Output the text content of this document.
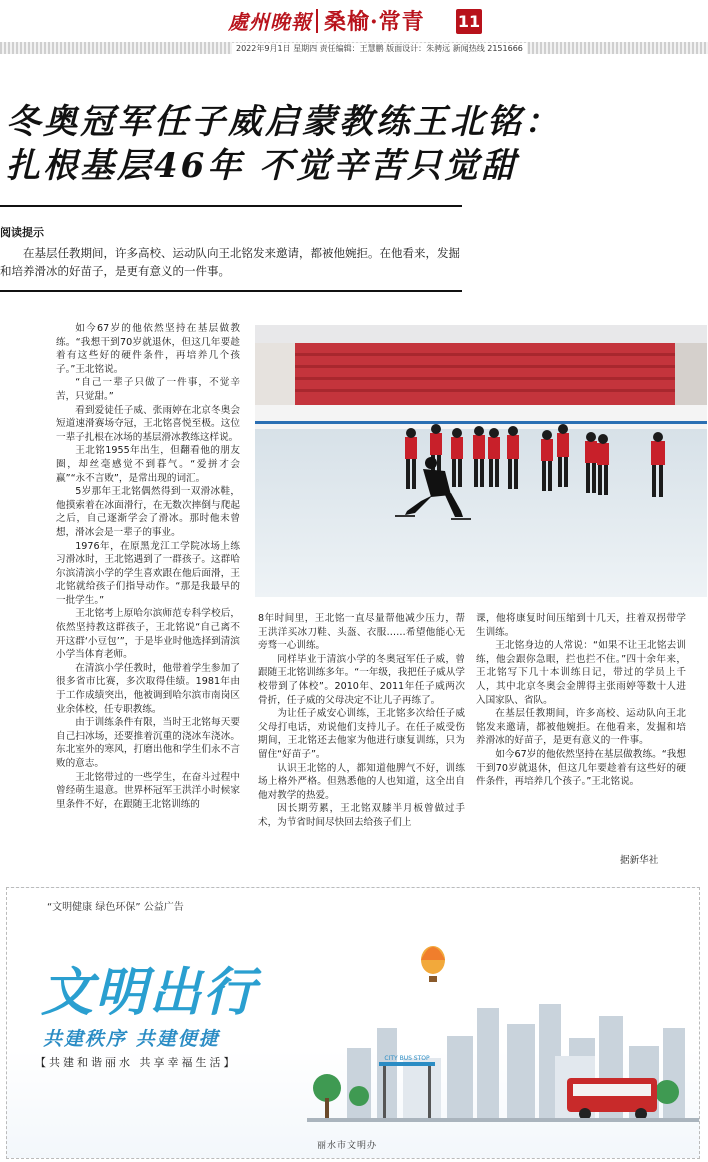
處州晚報 桑榆·常青 11
2022年9月1日 星期四 责任编辑：王慧鹏 版面设计：朱骋远 新闻热线 2151666
冬奥冠军任子威启蒙教练王北铭：
扎根基层46年 不觉辛苦只觉甜
阅读提示
在基层任教期间，许多高校、运动队向王北铭发来邀请，都被他婉拒。在他看来，发掘和培养滑冰的好苗子，是更有意义的一件事。

如今67岁的他依然坚持在基层做教练。“我想干到70岁就退休，但这几年要趁着有这些好的硬件条件，再培养几个孩子。”王北铭说。

“自己一辈子只做了一件事，不觉辛苦，只觉甜。”

看到爱徒任子威、张雨婷在北京冬奥会短道速滑赛场夺冠，王北铭喜悦至极。这位一辈子扎根在冰场的基层滑冰教练这样说。

王北铭1955年出生，但翻看他的朋友圈，却丝毫感觉不到暮气。“爱拼才会赢”“永不言败”，是常出现的词汇。

5岁那年王北铭偶然得到一双滑冰鞋，他摸索着在冰面滑行，在无数次摔倒与爬起之后，自己逐渐学会了滑冰。那时他未曾想，滑冰会是一辈子的事业。

1976年，在原黑龙江工学院冰场上练习滑冰时，王北铭遇到了一群孩子。这群哈尔滨清滨小学的学生喜欢跟在他后面滑，王北铭就给孩子们指导动作。“那是我最早的一批学生。”

王北铭考上原哈尔滨师范专科学校后，依然坚持教这群孩子，王北铭说“自己离不开这群‘小豆包’”，于是毕业时他选择到清滨小学当体育老师。

在清滨小学任教时，他带着学生参加了很多省市比赛，多次取得佳绩。1981年由于工作成绩突出，他被调到哈尔滨市南岗区业余体校，任专职教练。

由于训练条件有限，当时王北铭每天要自己扫冰场，还要推着沉重的浇冰车浇冰。东北室外的寒风，打磨出他和学生们永不言败的意志。

王北铭带过的一些学生，在奋斗过程中曾经萌生退意。世界杯冠军王洪洋小时候家里条件不好，在跟随王北铭训练的

8年时间里，王北铭一直尽量帮他减少压力，帮王洪洋买冰刀鞋、头盔、衣服……希望他能心无旁骛一心训练。

同样毕业于清滨小学的冬奥冠军任子威，曾跟随王北铭训练多年。“一年级，我把任子威从学校带到了体校”。2010年、2011年任子威两次骨折，任子威的父母决定不让儿子再练了。

为让任子威安心训练，王北铭多次给任子威父母打电话，劝说他们支持儿子。在任子威受伤期间，王北铭还去他家为他进行康复训练，只为留住“好苗子”。

认识王北铭的人，都知道他脾气不好，训练场上格外严格。但熟悉他的人也知道，这全出自他对教学的热爱。

因长期劳累，王北铭双膝半月板曾做过手术，为节省时间尽快回去给孩子们上

课，他将康复时间压缩到十几天，拄着双拐带学生训练。

王北铭身边的人常说：“如果不让王北铭去训练，他会跟你急眼，拦也拦不住。”四十余年来，王北铭写下几十本训练日记，带过的学员上千人，其中北京冬奥会金牌得主张雨婷等数十人进入国家队、省队。

在基层任教期间，许多高校、运动队向王北铭发来邀请，都被他婉拒。在他看来，发掘和培养滑冰的好苗子，是更有意义的一件事。

如今67岁的他依然坚持在基层做教练。“我想干到70岁就退休，但这几年要趁着有这些好的硬件条件，再培养几个孩子。”王北铭说。

据新华社
“文明健康 绿色环保” 公益广告
文明出行
共建秩序 共建便捷
【共建和谐丽水 共享幸福生活】	CITY BUS STOP
丽水市文明办
